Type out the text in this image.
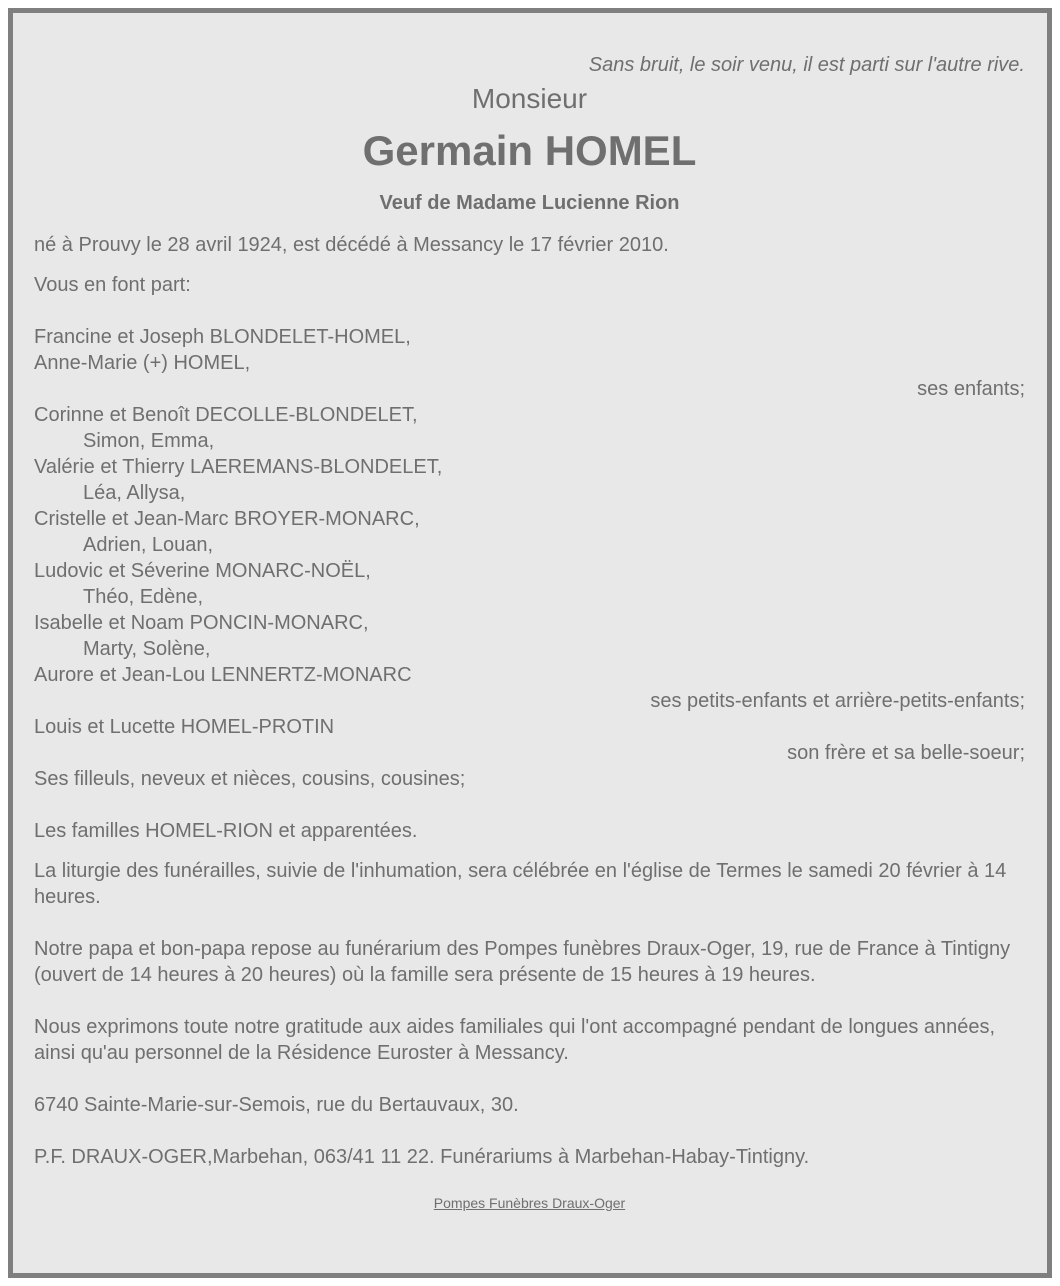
Sans bruit, le soir venu, il est parti sur l'autre rive.
Monsieur
Germain HOMEL
Veuf de Madame Lucienne Rion
né à Prouvy le 28 avril 1924, est décédé à Messancy le 17 février 2010.
Vous en font part:
Francine et Joseph BLONDELET-HOMEL,
Anne-Marie (+) HOMEL,
ses enfants;
Corinne et Benoît DECOLLE-BLONDELET,
Simon, Emma,
Valérie et Thierry LAEREMANS-BLONDELET,
Léa, Allysa,
Cristelle et Jean-Marc BROYER-MONARC,
Adrien, Louan,
Ludovic et Séverine MONARC-NOËL,
Théo, Edène,
Isabelle et Noam PONCIN-MONARC,
Marty, Solène,
Aurore et Jean-Lou LENNERTZ-MONARC
ses petits-enfants et arrière-petits-enfants;
Louis et Lucette HOMEL-PROTIN
son frère et sa belle-soeur;
Ses filleuls, neveux et nièces, cousins, cousines;
Les familles HOMEL-RION et apparentées.
La liturgie des funérailles, suivie de l'inhumation, sera célébrée en l'église de Termes le samedi 20 février à 14 heures.
Notre papa et bon-papa repose au funérarium des Pompes funèbres Draux-Oger, 19, rue de France à Tintigny (ouvert de 14 heures à 20 heures) où la famille sera présente de 15 heures à 19 heures.
Nous exprimons toute notre gratitude aux aides familiales qui l'ont accompagné pendant de longues années, ainsi qu'au personnel de la Résidence Euroster à Messancy.
6740 Sainte-Marie-sur-Semois, rue du Bertauvaux, 30.
P.F. DRAUX-OGER,Marbehan, 063/41 11 22. Funérariums à Marbehan-Habay-Tintigny.
Pompes Funèbres Draux-Oger
